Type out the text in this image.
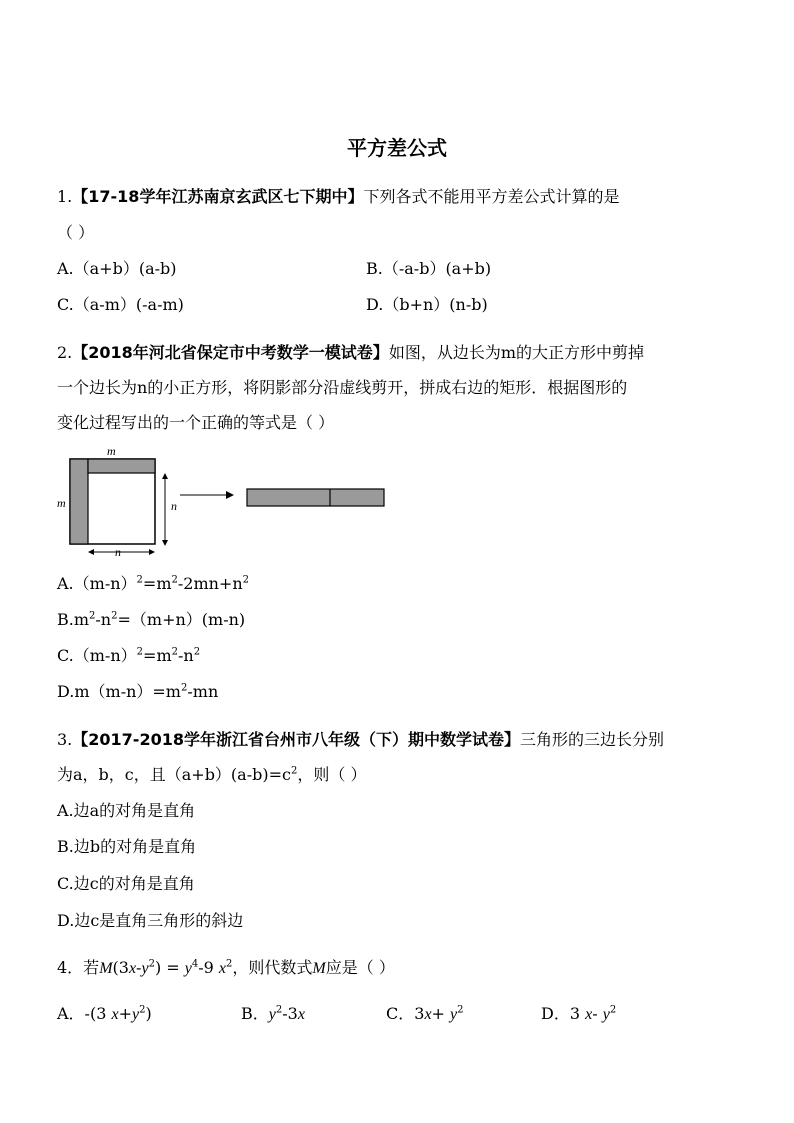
平方差公式
1.【17-18学年江苏南京玄武区七下期中】下列各式不能用平方差公式计算的是
（ ）
A.（a+b）(a-b)	B.（-a-b）(a+b)
C.（a-m）(-a-m)	D.（b+n）(n-b)
2.【2018年河北省保定市中考数学一模试卷】如图，从边长为m的大正方形中剪掉
一个边长为n的小正方形，将阴影部分沿虚线剪开，拼成右边的矩形．根据图形的
变化过程写出的一个正确的等式是（ ）
m
m	n
n
$A.(m-n)^2=m^2-2mn+n^2$
$B.m^2-n^2=(m+n)(m-n)$
$C.(m-n)^2=m^2-n^2$
$D.m(m-n)=m^2-mn$
3.【2017-2018学年浙江省台州市八年级（下）期中数学试卷】三角形的三边长分别
为a，b，c，且$(a+b)(a-b)=c^2$，则（ ）
A.边a的对角是直角
B.边b的对角是直角
C.边c的对角是直角
D.边c是直角三角形的斜边
4．若$M(3x-y^2) = y^4-9$ $x^2$，则代数式M应是（ ）
A．-(3 $x+y^2$)	B．$y^2-3x$	C．$3x+ y^2$	D．3 x- $y^2$
